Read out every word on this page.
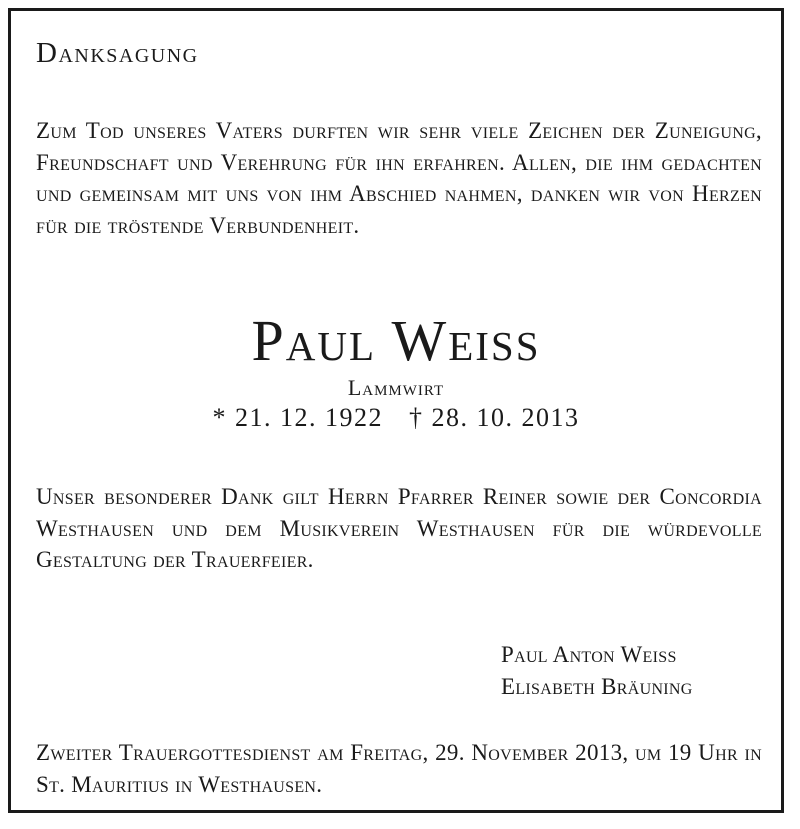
Danksagung

Zum Tod unseres Vaters durften wir sehr viele Zeichen der Zuneigung, Freundschaft und Verehrung für ihn erfahren. Allen, die ihm gedachten und gemeinsam mit uns von ihm Abschied nahmen, danken wir von Herzen für die tröstende Verbundenheit.

Paul Weiss
Lammwirt
* 21. 12. 1922 † 28. 10. 2013

Unser besonderer Dank gilt Herrn Pfarrer Reiner sowie der Concordia Westhausen und dem Musikverein Westhausen für die würdevolle Gestaltung der Trauerfeier.

Paul Anton Weiss
Elisabeth Bräuning

Zweiter Trauergottesdienst am Freitag, 29. November 2013, um 19 Uhr in St. Mauritius in Westhausen.
